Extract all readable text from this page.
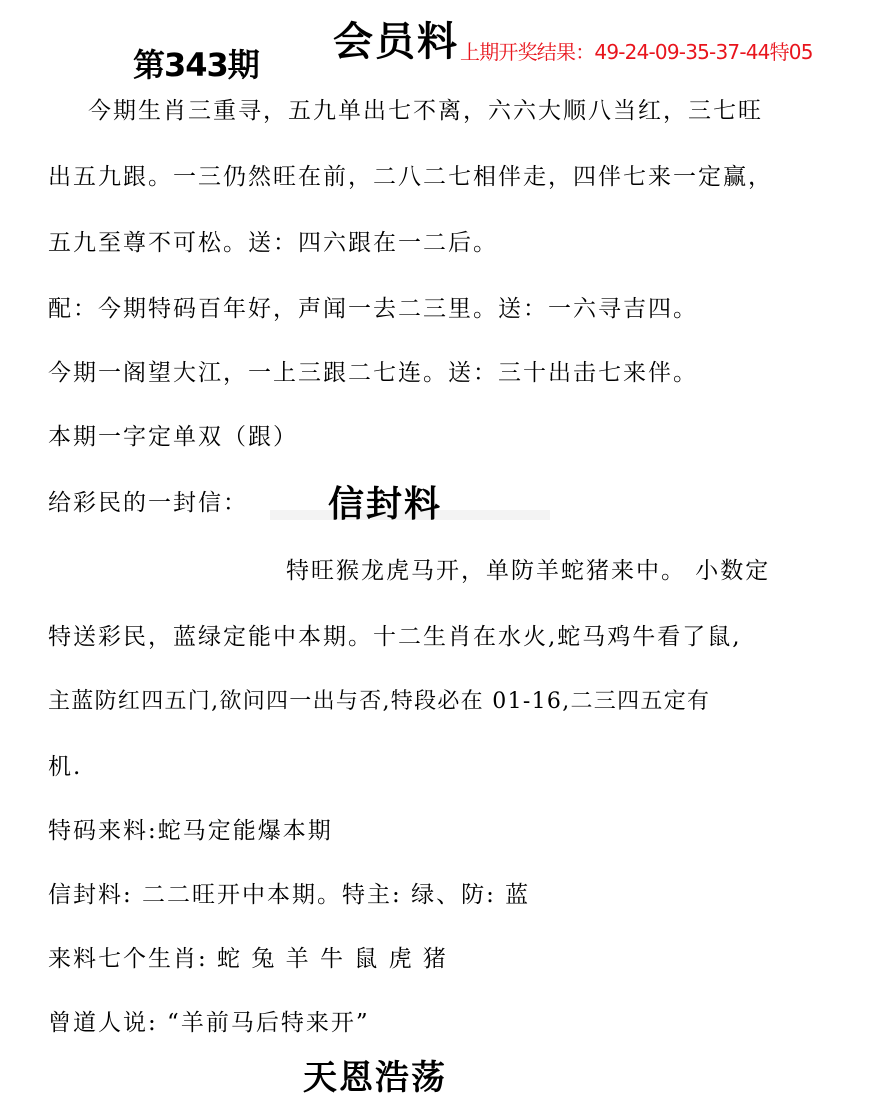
会员料
第343期	上期开奖结果：49-24-09-35-37-44特05
今期生肖三重寻，五九单出七不离，六六大顺八当红，三七旺
出五九跟。一三仍然旺在前，二八二七相伴走，四伴七来一定赢，
五九至尊不可松。送：四六跟在一二后。
配：今期特码百年好，声闻一去二三里。送：一六寻吉四。
今期一阁望大江，一上三跟二七连。送：三十出击七来伴。
本期一字定单双（跟）
给彩民的一封信： 信封料
特旺猴龙虎马开，单防羊蛇猪来中。 小数定
特送彩民，蓝绿定能中本期。十二生肖在水火,蛇马鸡牛看了鼠,
主蓝防红四五门,欲问四一出与否,特段必在 01-16,二三四五定有
机.
特码来料:蛇马定能爆本期
信封料: 二二旺开中本期。特主: 绿、防: 蓝
来料七个生肖: 蛇 兔 羊 牛 鼠 虎 猪
曾道人说: “羊前马后特来开”
天恩浩荡
